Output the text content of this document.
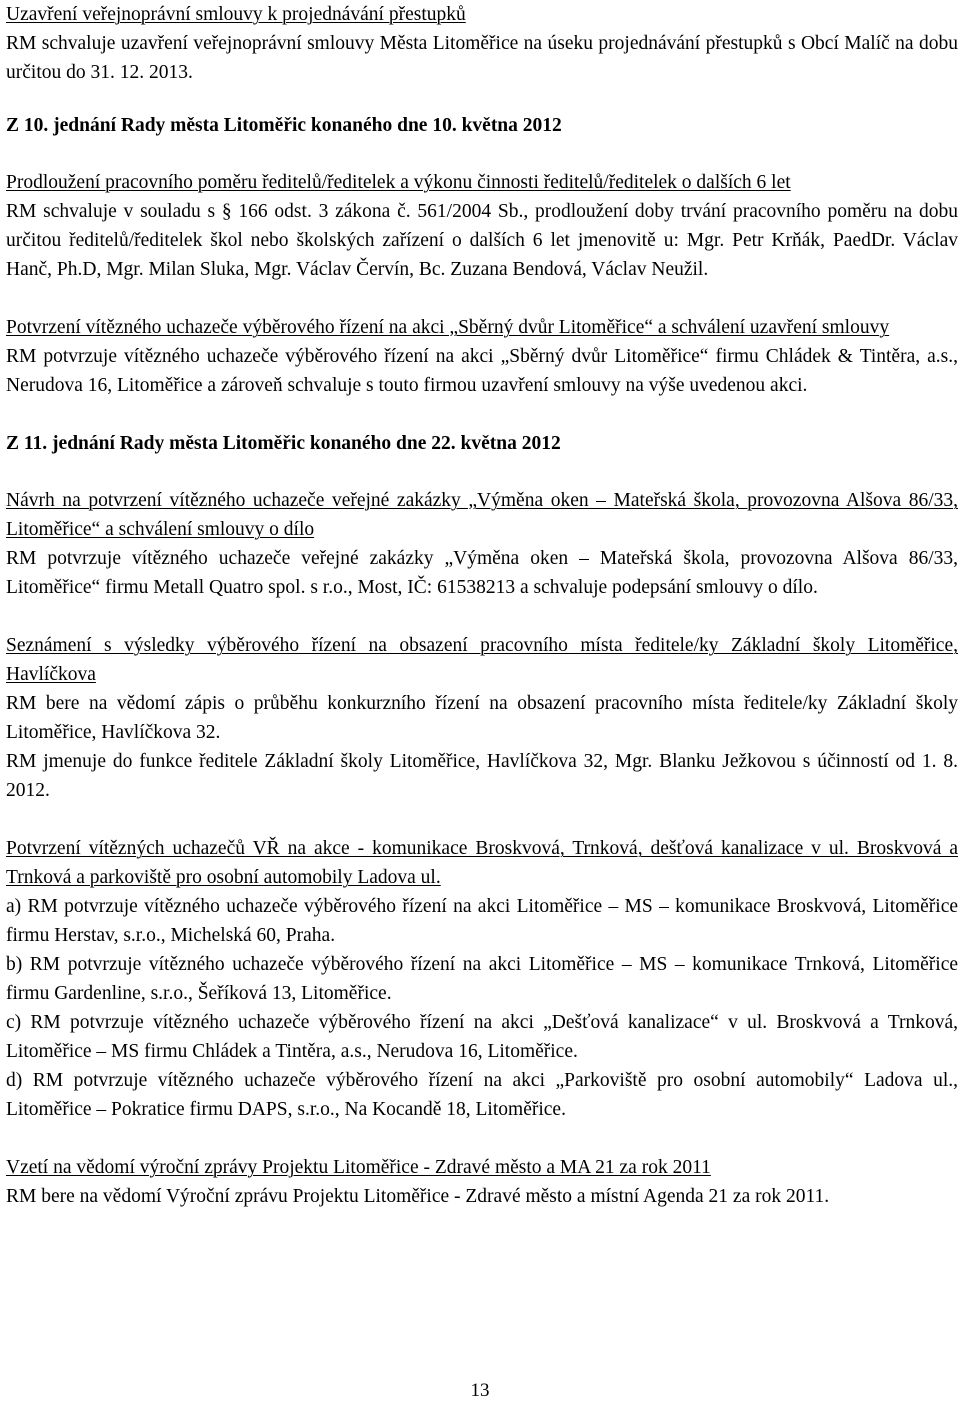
Uzavření veřejnoprávní smlouvy k projednávání přestupků

RM schvaluje uzavření veřejnoprávní smlouvy Města Litoměřice na úseku projednávání přestupků s Obcí Malíč na dobu určitou do 31. 12. 2013.

Z 10. jednání Rady města Litoměřic konaného dne 10. května 2012

Prodloužení pracovního poměru ředitelů/ředitelek a výkonu činnosti ředitelů/ředitelek o dalších 6 let

RM schvaluje v souladu s § 166 odst. 3 zákona č. 561/2004 Sb., prodloužení doby trvání pracovního poměru na dobu určitou ředitelů/ředitelek škol nebo školských zařízení o dalších 6 let jmenovitě u: Mgr. Petr Krňák, PaedDr. Václav Hanč, Ph.D, Mgr. Milan Sluka, Mgr. Václav Červín, Bc. Zuzana Bendová, Václav Neužil.

Potvrzení vítězného uchazeče výběrového řízení na akci „Sběrný dvůr Litoměřice“ a schválení uzavření smlouvy

RM potvrzuje vítězného uchazeče výběrového řízení na akci „Sběrný dvůr Litoměřice“ firmu Chládek & Tintěra, a.s., Nerudova 16, Litoměřice a zároveň schvaluje s touto firmou uzavření smlouvy na výše uvedenou akci.

Z 11. jednání Rady města Litoměřic konaného dne 22. května 2012

Návrh na potvrzení vítězného uchazeče veřejné zakázky „Výměna oken – Mateřská škola, provozovna Alšova 86/33, Litoměřice“ a schválení smlouvy o dílo

RM potvrzuje vítězného uchazeče veřejné zakázky „Výměna oken – Mateřská škola, provozovna Alšova 86/33, Litoměřice“ firmu Metall Quatro spol. s r.o., Most, IČ: 61538213 a schvaluje podepsání smlouvy o dílo.

Seznámení s výsledky výběrového řízení na obsazení pracovního místa ředitele/ky Základní školy Litoměřice, Havlíčkova

RM bere na vědomí zápis o průběhu konkurzního řízení na obsazení pracovního místa ředitele/ky Základní školy Litoměřice, Havlíčkova 32.

RM jmenuje do funkce ředitele Základní školy Litoměřice, Havlíčkova 32, Mgr. Blanku Ježkovou s účinností od 1. 8. 2012.

Potvrzení vítězných uchazečů VŘ na akce - komunikace Broskvová, Trnková, dešťová kanalizace v ul. Broskvová a Trnková a parkoviště pro osobní automobily Ladova ul.

a) RM potvrzuje vítězného uchazeče výběrového řízení na akci Litoměřice – MS – komunikace Broskvová, Litoměřice firmu Herstav, s.r.o., Michelská 60, Praha.

b) RM potvrzuje vítězného uchazeče výběrového řízení na akci Litoměřice – MS – komunikace Trnková, Litoměřice firmu Gardenline, s.r.o., Šeříková 13, Litoměřice.

c) RM potvrzuje vítězného uchazeče výběrového řízení na akci „Dešťová kanalizace“ v ul. Broskvová a Trnková, Litoměřice – MS firmu Chládek a Tintěra, a.s., Nerudova 16, Litoměřice.

d) RM potvrzuje vítězného uchazeče výběrového řízení na akci „Parkoviště pro osobní automobily“ Ladova ul., Litoměřice – Pokratice firmu DAPS, s.r.o., Na Kocandě 18, Litoměřice.

Vzetí na vědomí výroční zprávy Projektu Litoměřice - Zdravé město a MA 21 za rok 2011

RM bere na vědomí Výroční zprávu Projektu Litoměřice - Zdravé město a místní Agenda 21 za rok 2011.

13
